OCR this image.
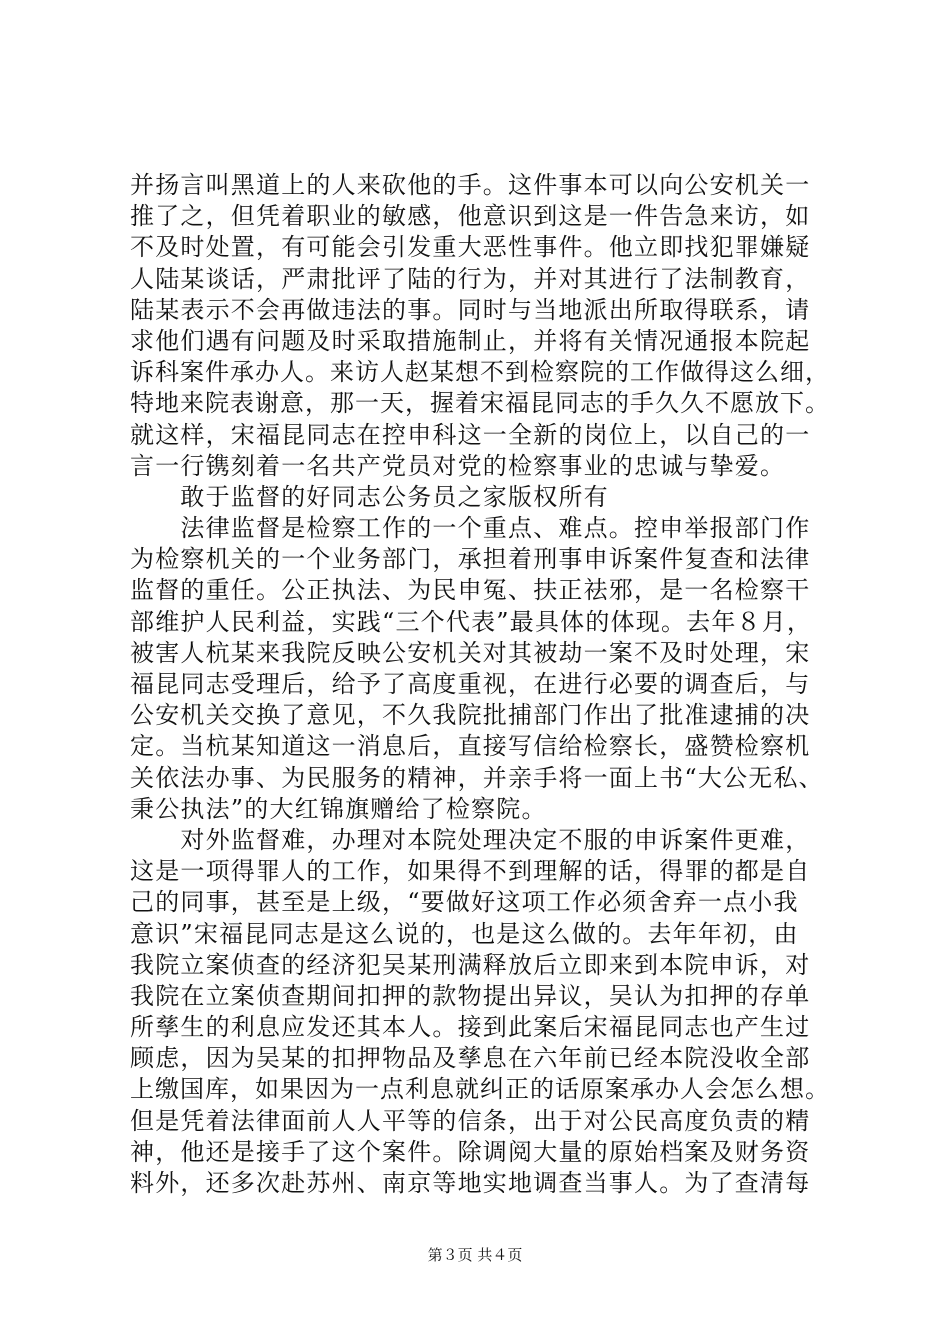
并扬言叫黑道上的人来砍他的手。这件事本可以向公安机关一
推了之，但凭着职业的敏感，他意识到这是一件告急来访，如
不及时处置，有可能会引发重大恶性事件。他立即找犯罪嫌疑
人陆某谈话，严肃批评了陆的行为，并对其进行了法制教育，
陆某表示不会再做违法的事。同时与当地派出所取得联系，请
求他们遇有问题及时采取措施制止，并将有关情况通报本院起
诉科案件承办人。来访人赵某想不到检察院的工作做得这么细，
特地来院表谢意，那一天，握着宋福昆同志的手久久不愿放下。
就这样，宋福昆同志在控申科这一全新的岗位上，以自己的一
言一行镌刻着一名共产党员对党的检察事业的忠诚与挚爱。
　　敢于监督的好同志公务员之家版权所有
　　法律监督是检察工作的一个重点、难点。控申举报部门作
为检察机关的一个业务部门，承担着刑事申诉案件复查和法律
监督的重任。公正执法、为民申冤、扶正祛邪，是一名检察干
部维护人民利益，实践“三个代表”最具体的体现。去年８月，
被害人杭某来我院反映公安机关对其被劫一案不及时处理，宋
福昆同志受理后，给予了高度重视，在进行必要的调查后，与
公安机关交换了意见，不久我院批捕部门作出了批准逮捕的决
定。当杭某知道这一消息后，直接写信给检察长，盛赞检察机
关依法办事、为民服务的精神，并亲手将一面上书“大公无私、
秉公执法”的大红锦旗赠给了检察院。
　　对外监督难，办理对本院处理决定不服的申诉案件更难，
这是一项得罪人的工作，如果得不到理解的话，得罪的都是自
己的同事，甚至是上级，“要做好这项工作必须舍弃一点小我
意识”宋福昆同志是这么说的，也是这么做的。去年年初，由
我院立案侦查的经济犯吴某刑满释放后立即来到本院申诉，对
我院在立案侦查期间扣押的款物提出异议，吴认为扣押的存单
所孳生的利息应发还其本人。接到此案后宋福昆同志也产生过
顾虑，因为吴某的扣押物品及孳息在六年前已经本院没收全部
上缴国库，如果因为一点利息就纠正的话原案承办人会怎么想。
但是凭着法律面前人人平等的信条，出于对公民高度负责的精
神，他还是接手了这个案件。除调阅大量的原始档案及财务资
料外，还多次赴苏州、南京等地实地调查当事人。为了查清每
第３页 共４页
